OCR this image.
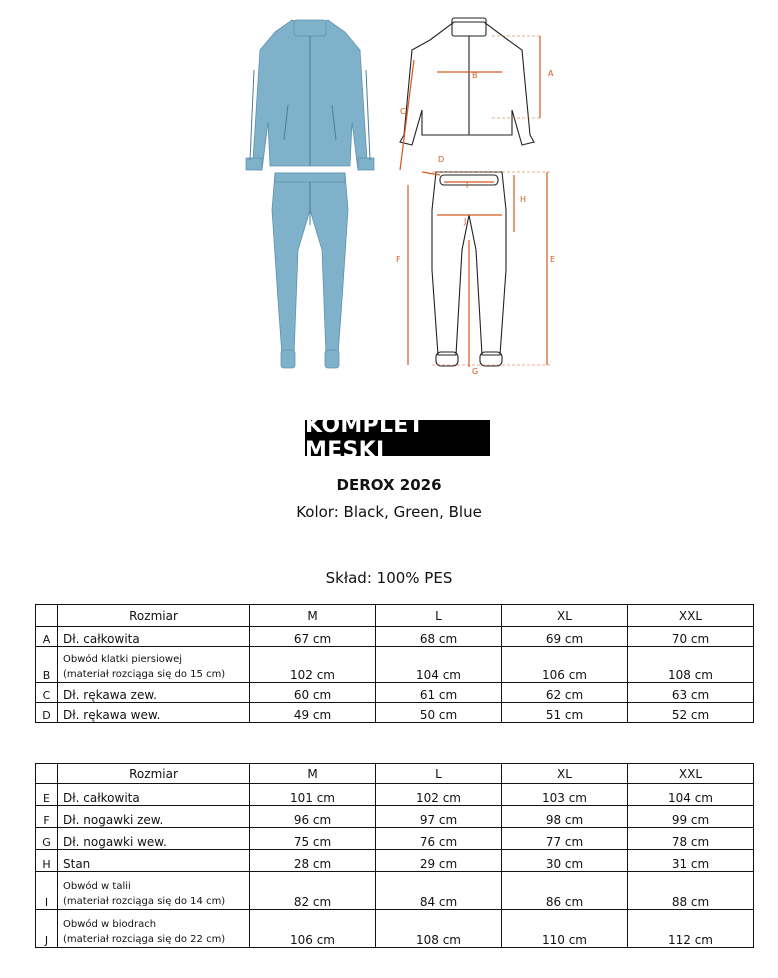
A
B
C
D
E
F
G
H
I
J
KOMPLET MĘSKI
DEROX 2026
Kolor: Black, Green, Blue
Skład: 100% PES
	Rozmiar	M	L	XL	XXL
A	Dł. całkowita	67 cm	68 cm	69 cm	70 cm
B	Obwód klatki piersiowej
(materiał rozciąga się do 15 cm)	102 cm	104 cm	106 cm	108 cm
C	Dł. rękawa zew.	60 cm	61 cm	62 cm	63 cm
D	Dł. rękawa wew.	49 cm	50 cm	51 cm	52 cm
	Rozmiar	M	L	XL	XXL
E	Dł. całkowita	101 cm	102 cm	103 cm	104 cm
F	Dł. nogawki zew.	96 cm	97 cm	98 cm	99 cm
G	Dł. nogawki wew.	75 cm	76 cm	77 cm	78 cm
H	Stan	28 cm	29 cm	30 cm	31 cm
I	Obwód w talii
(materiał rozciąga się do 14 cm)	82 cm	84 cm	86 cm	88 cm
J	Obwód w biodrach
(materiał rozciąga się do 22 cm)	106 cm	108 cm	110 cm	112 cm
